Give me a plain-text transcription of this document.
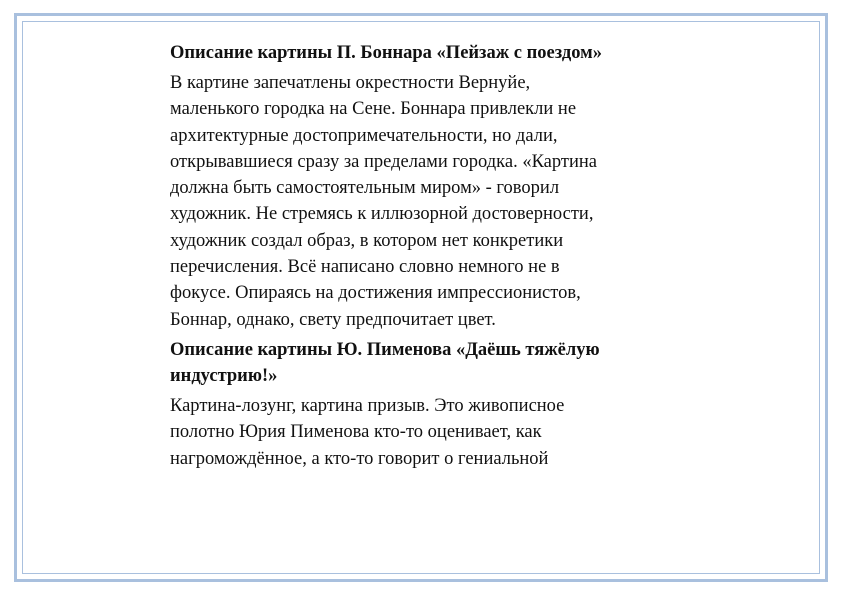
Описание картины П. Боннара «Пейзаж с поездом»
В картине запечатлены окрестности Вернуйе,
маленького городка на Сене. Боннара привлекли не
архитектурные достопримечательности, но дали,
открывавшиеся сразу за пределами городка. «Картина
должна быть самостоятельным миром» - говорил
художник. Не стремясь к иллюзорной достоверности,
художник создал образ, в котором нет конкретики
перечисления. Всё написано словно немного не в
фокусе. Опираясь на достижения импрессионистов,
Боннар, однако, свету предпочитает цвет.
Описание картины Ю. Пименова «Даёшь тяжёлую
индустрию!»
Картина-лозунг, картина призыв. Это живописное
полотно Юрия Пименова кто-то оценивает, как
нагромождённое, а кто-то говорит о гениальной
